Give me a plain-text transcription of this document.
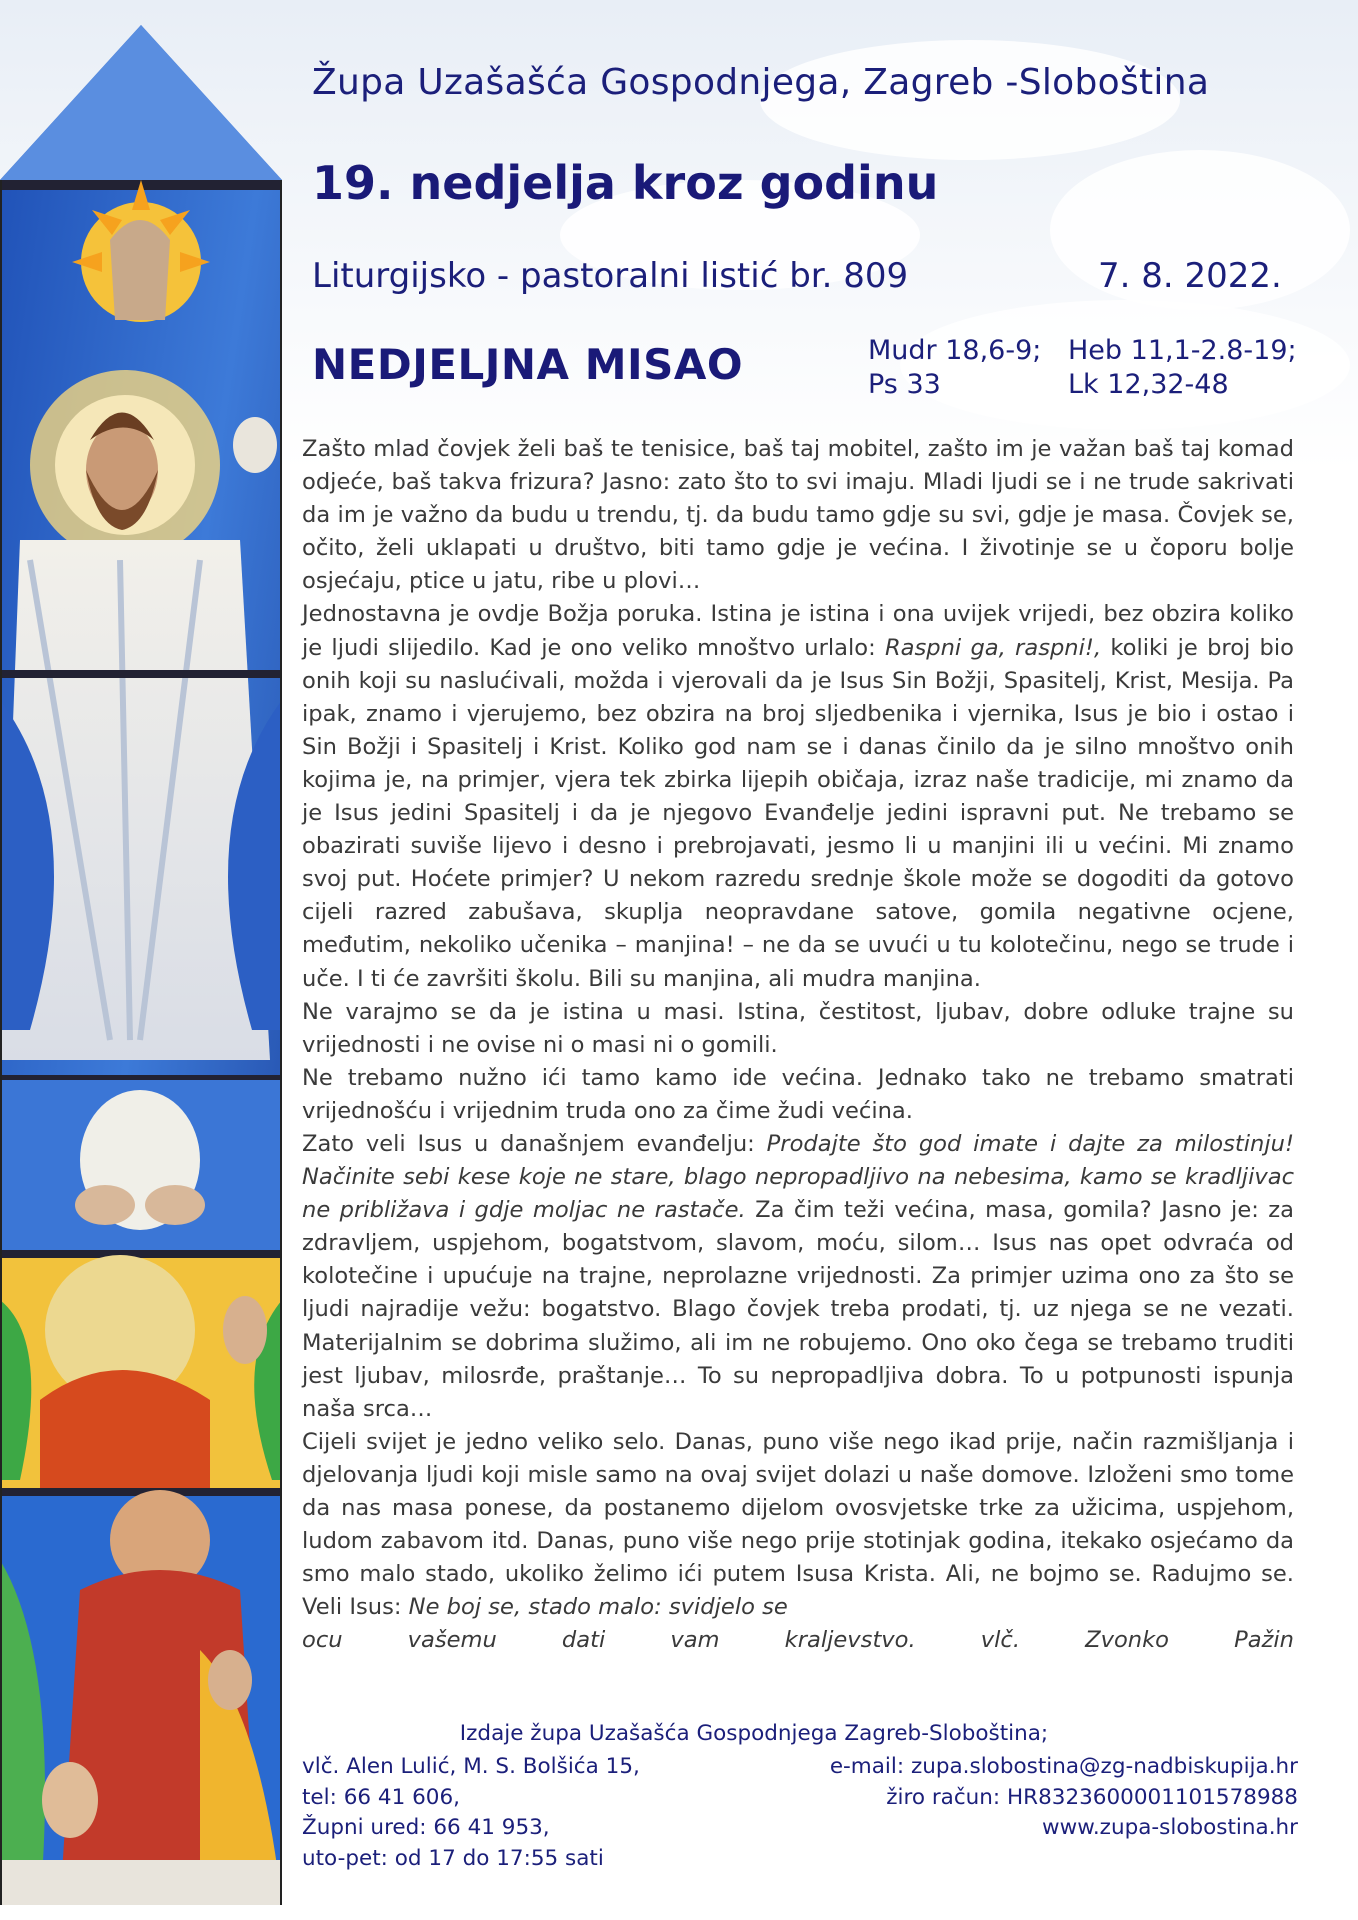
Župa Uzašašća Gospodnjega, Zagreb -Sloboština
19. nedjelja kroz godinu
Liturgijsko - pastoralni listić br. 809	7. 8. 2022.
NEDJELJNA MISAO	Mudr 18,6-9; Heb 11,1-2.8-19;
Ps 33	Lk 12,32-48

Zašto mlad čovjek želi baš te tenisice, baš taj mobitel, zašto im je važan baš taj komad odjeće, baš takva frizura? Jasno: zato što to svi imaju. Mladi ljudi se i ne trude sakrivati da im je važno da budu u trendu, tj. da budu tamo gdje su svi, gdje je masa. Čovjek se, očito, želi uklapati u društvo, biti tamo gdje je većina. I životinje se u čoporu bolje osjećaju, ptice u jatu, ribe u plovi…

Jednostavna je ovdje Božja poruka. Istina je istina i ona uvijek vrijedi, bez obzira koliko je ljudi slijedilo. Kad je ono veliko mnoštvo urlalo: Raspni ga, raspni!, koliki je broj bio onih koji su naslućivali, možda i vjerovali da je Isus Sin Božji, Spasitelj, Krist, Mesija. Pa ipak, znamo i vjerujemo, bez obzira na broj sljedbenika i vjernika, Isus je bio i ostao i Sin Božji i Spasitelj i Krist. Koliko god nam se i danas činilo da je silno mnoštvo onih kojima je, na primjer, vjera tek zbirka lijepih običaja, izraz naše tradicije, mi znamo da je Isus jedini Spasitelj i da je njegovo Evanđelje jedini ispravni put. Ne trebamo se obazirati suviše lijevo i desno i prebrojavati, jesmo li u manjini ili u većini. Mi znamo svoj put. Hoćete primjer? U nekom razredu srednje škole može se dogoditi da gotovo cijeli razred zabušava, skuplja neopravdane satove, gomila negativne ocjene, međutim, nekoliko učenika – manjina! – ne da se uvući u tu kolotečinu, nego se trude i uče. I ti će završiti školu. Bili su manjina, ali mudra manjina.

Ne varajmo se da je istina u masi. Istina, čestitost, ljubav, dobre odluke trajne su vrijednosti i ne ovise ni o masi ni o gomili.

Ne trebamo nužno ići tamo kamo ide većina. Jednako tako ne trebamo smatrati vrijednošću i vrijednim truda ono za čime žudi većina.

Zato veli Isus u današnjem evanđelju: Prodajte što god imate i dajte za milostinju! Načinite sebi kese koje ne stare, blago nepropadljivo na nebesima, kamo se kradljivac ne približava i gdje moljac ne rastače. Za čim teži većina, masa, gomila? Jasno je: za zdravljem, uspjehom, bogatstvom, slavom, moću, silom… Isus nas opet odvraća od kolotečine i upućuje na trajne, neprolazne vrijednosti. Za primjer uzima ono za što se ljudi najradije vežu: bogatstvo. Blago čovjek treba prodati, tj. uz njega se ne vezati. Materijalnim se dobrima služimo, ali im ne robujemo. Ono oko čega se trebamo truditi jest ljubav, milosrđe, praštanje… To su nepropadljiva dobra. To u potpunosti ispunja naša srca…

Cijeli svijet je jedno veliko selo. Danas, puno više nego ikad prije, način razmišljanja i djelovanja ljudi koji misle samo na ovaj svijet dolazi u naše domove. Izloženi smo tome da nas masa ponese, da postanemo dijelom ovosvjetske trke za užicima, uspjehom, ludom zabavom itd. Danas, puno više nego prije stotinjak godina, itekako osjećamo da smo malo stado, ukoliko želimo ići putem Isusa Krista. Ali, ne bojmo se. Radujmo se. Veli Isus: Ne boj se, stado malo: svidjelo se

ocu vašemu dati vam kraljevstvo.	vlč. Zvonko Pažin

Izdaje župa Uzašašća Gospodnjega Zagreb-Sloboština;
vlč. Alen Lulić, M. S. Bolšića 15,
tel: 66 41 606,
Župni ured: 66 41 953,
uto-pet: od 17 do 17:55 sati
e-mail: zupa.slobostina@zg-nadbiskupija.hr
žiro račun: HR8323600001101578988
www.zupa-slobostina.hr
